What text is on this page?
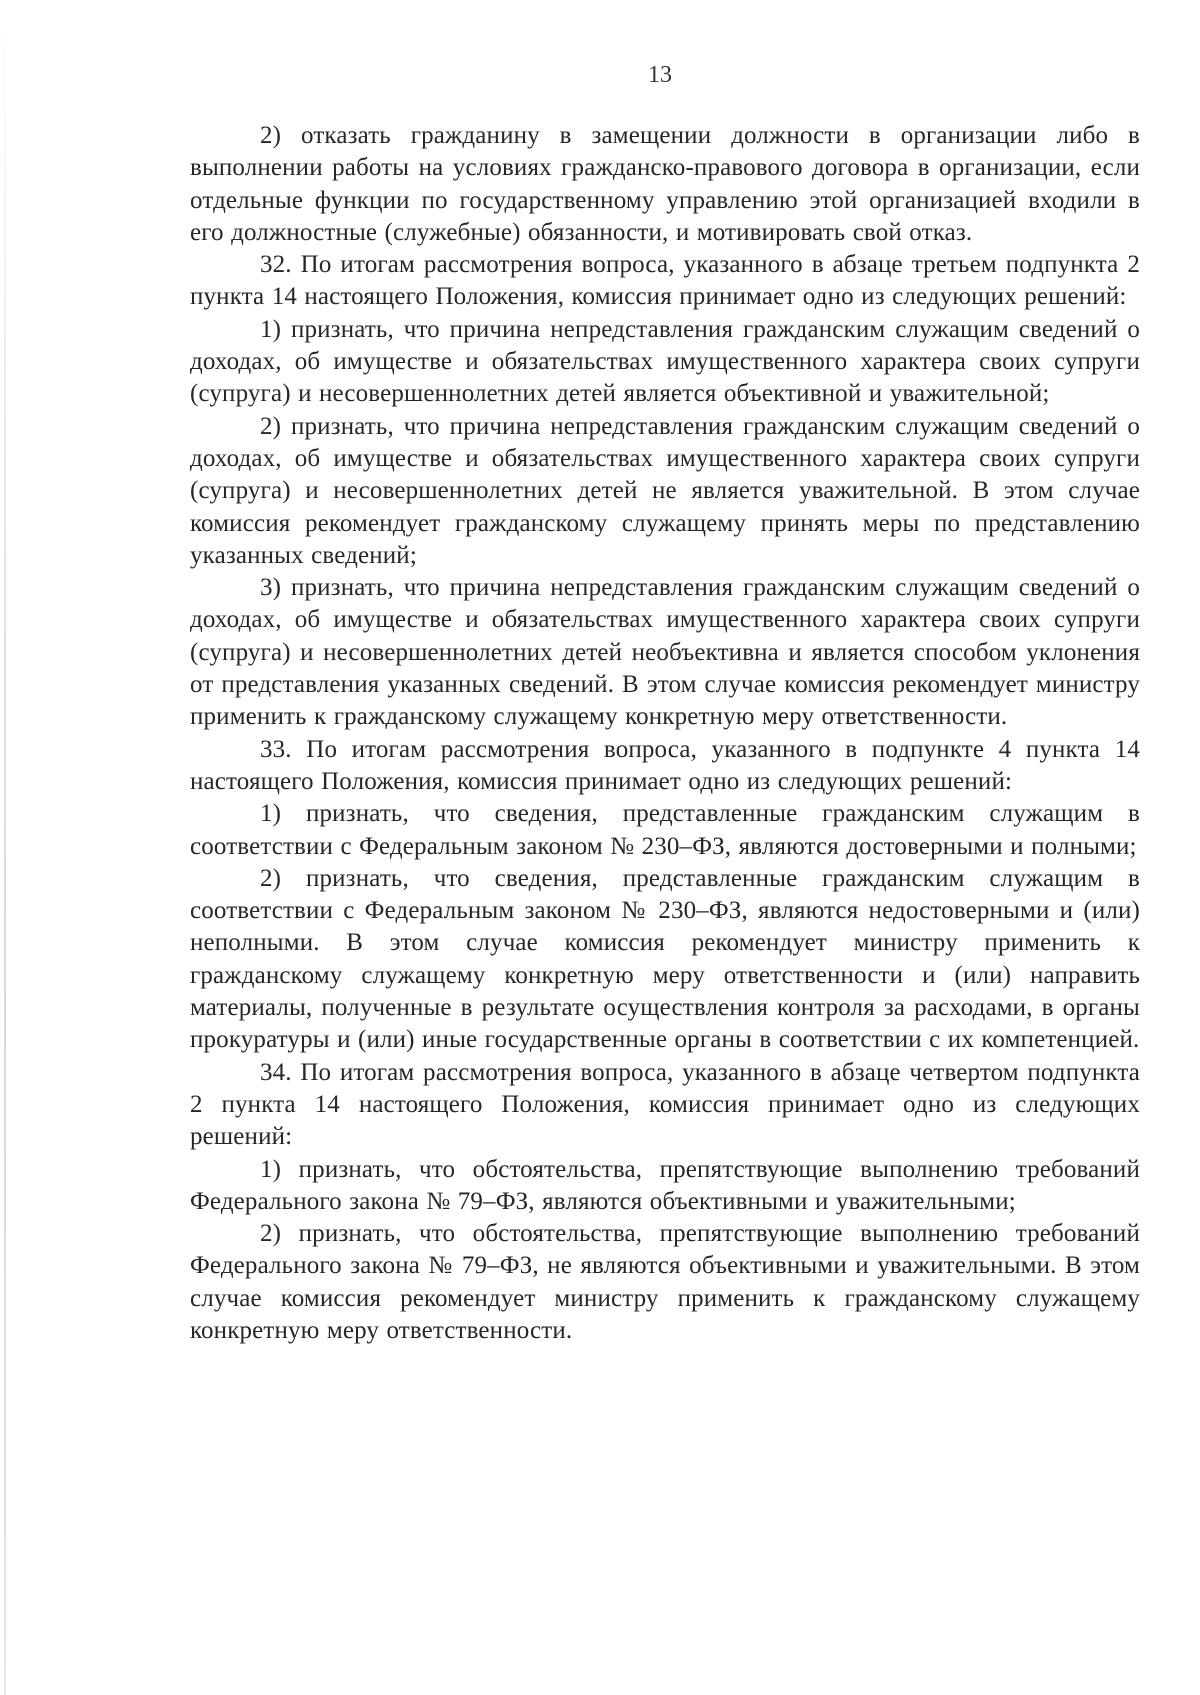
13

2) отказать гражданину в замещении должности в организации либо в выполнении работы на условиях гражданско-правового договора в организации, если отдельные функции по государственному управлению этой организацией входили в его должностные (служебные) обязанности, и мотивировать свой отказ.

32. По итогам рассмотрения вопроса, указанного в абзаце третьем подпункта 2 пункта 14 настоящего Положения, комиссия принимает одно из следующих решений:

1) признать, что причина непредставления гражданским служащим сведений о доходах, об имуществе и обязательствах имущественного характера своих супруги (супруга) и несовершеннолетних детей является объективной и уважительной;

2) признать, что причина непредставления гражданским служащим сведений о доходах, об имуществе и обязательствах имущественного характера своих супруги (супруга) и несовершеннолетних детей не является уважительной. В этом случае комиссия рекомендует гражданскому служащему принять меры по представлению указанных сведений;

3) признать, что причина непредставления гражданским служащим сведений о доходах, об имуществе и обязательствах имущественного характера своих супруги (супруга) и несовершеннолетних детей необъективна и является способом уклонения от представления указанных сведений. В этом случае комиссия рекомендует министру применить к гражданскому служащему конкретную меру ответственности.

33. По итогам рассмотрения вопроса, указанного в подпункте 4 пункта 14 настоящего Положения, комиссия принимает одно из следующих решений:

1) признать, что сведения, представленные гражданским служащим в соответствии с Федеральным законом № 230–ФЗ, являются достоверными и полными;

2) признать, что сведения, представленные гражданским служащим в соответствии с Федеральным законом № 230–ФЗ, являются недостоверными и (или) неполными. В этом случае комиссия рекомендует министру применить к гражданскому служащему конкретную меру ответственности и (или) направить материалы, полученные в результате осуществления контроля за расходами, в органы прокуратуры и (или) иные государственные органы в соответствии с их компетенцией.

34. По итогам рассмотрения вопроса, указанного в абзаце четвертом подпункта 2 пункта 14 настоящего Положения, комиссия принимает одно из следующих решений:

1) признать, что обстоятельства, препятствующие выполнению требований Федерального закона № 79–ФЗ, являются объективными и уважительными;

2) признать, что обстоятельства, препятствующие выполнению требований Федерального закона № 79–ФЗ, не являются объективными и уважительными. В этом случае комиссия рекомендует министру применить к гражданскому служащему конкретную меру ответственности.
